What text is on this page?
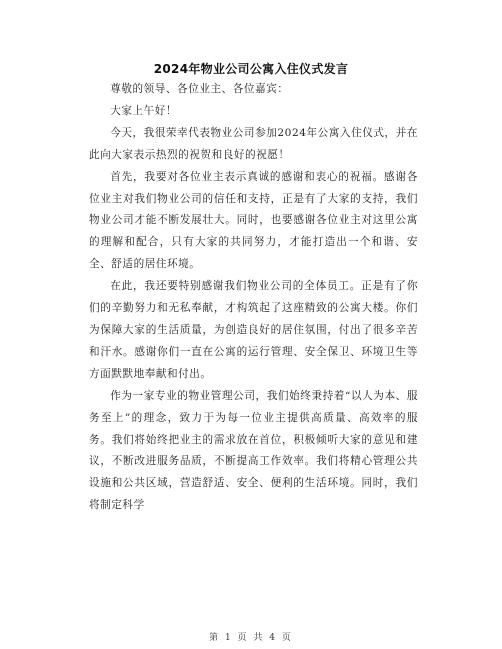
2024年物业公司公寓入住仪式发言

尊敬的领导、各位业主、各位嘉宾：

大家上午好！

今天，我很荣幸代表物业公司参加2024年公寓入住仪式，并在此向大家表示热烈的祝贺和良好的祝愿！

首先，我要对各位业主表示真诚的感谢和衷心的祝福。感谢各位业主对我们物业公司的信任和支持，正是有了大家的支持，我们物业公司才能不断发展壮大。同时，也要感谢各位业主对这里公寓的理解和配合，只有大家的共同努力，才能打造出一个和谐、安全、舒适的居住环境。

在此，我还要特别感谢我们物业公司的全体员工。正是有了你们的辛勤努力和无私奉献，才构筑起了这座精致的公寓大楼。你们为保障大家的生活质量，为创造良好的居住氛围，付出了很多辛苦和汗水。感谢你们一直在公寓的运行管理、安全保卫、环境卫生等方面默默地奉献和付出。

作为一家专业的物业管理公司，我们始终秉持着“以人为本、服务至上”的理念，致力于为每一位业主提供高质量、高效率的服务。我们将始终把业主的需求放在首位，积极倾听大家的意见和建议，不断改进服务品质，不断提高工作效率。我们将精心管理公共设施和公共区域，营造舒适、安全、便利的生活环境。同时，我们将制定科学

第 1 页 共 4 页
